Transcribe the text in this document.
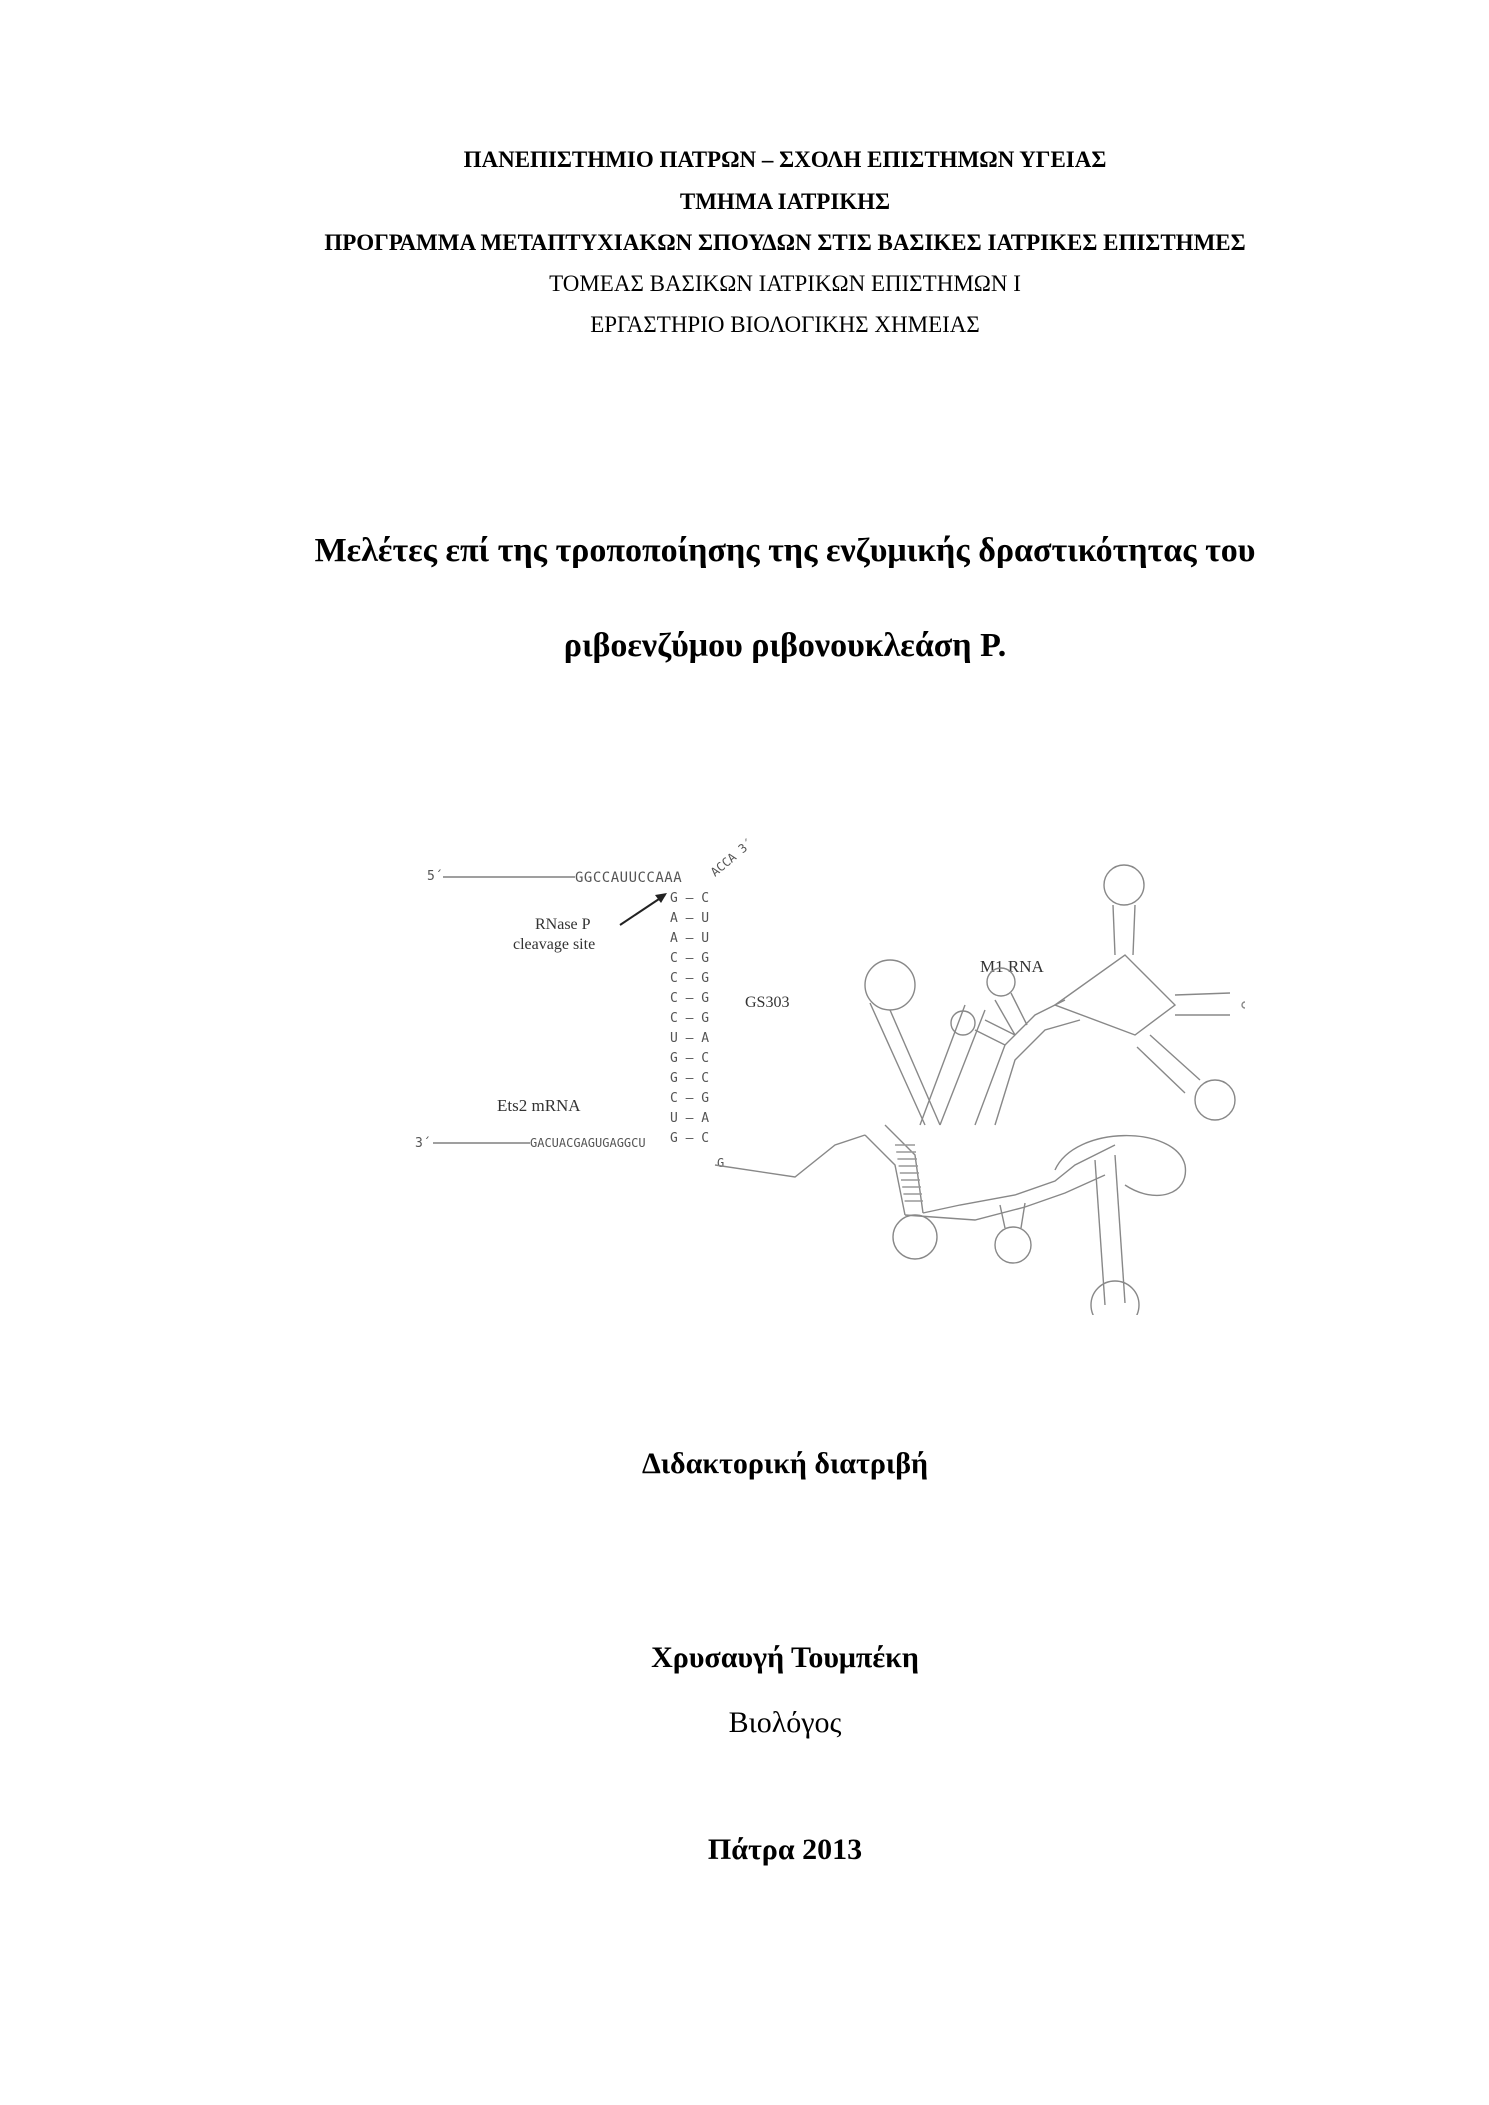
ΠΑΝΕΠΙΣΤΗΜΙΟ ΠΑΤΡΩΝ – ΣΧΟΛΗ ΕΠΙΣΤΗΜΩΝ ΥΓΕΙΑΣ
ΤΜΗΜΑ ΙΑΤΡΙΚΗΣ
ΠΡΟΓΡΑΜΜΑ ΜΕΤΑΠΤΥΧΙΑΚΩΝ ΣΠΟΥΔΩΝ ΣΤΙΣ ΒΑΣΙΚΕΣ ΙΑΤΡΙΚΕΣ ΕΠΙΣΤΗΜΕΣ
ΤΟΜΕΑΣ ΒΑΣΙΚΩΝ ΙΑΤΡΙΚΩΝ ΕΠΙΣΤΗΜΩΝ Ι
ΕΡΓΑΣΤΗΡΙΟ ΒΙΟΛΟΓΙΚΗΣ ΧΗΜΕΙΑΣ
Μελέτες επί της τροποποίησης της ενζυμικής δραστικότητας του
ριβοενζύμου ριβονουκλεάση P.
5΄	GGCCAUUCCAAA ACCA 3΄
RNase P
cleavage site
G – C
A – U
A – U
C – G
C – G
C – G
C – G
U – A
G – C
G – C
C – G
U – A
G – C
GS303
Ets2 mRNA
3΄	GACUACGAGUGAGGCU
G
M1 RNA
Διδακτορική διατριβή
Χρυσαυγή Τουμπέκη
Βιολόγος
Πάτρα 2013
